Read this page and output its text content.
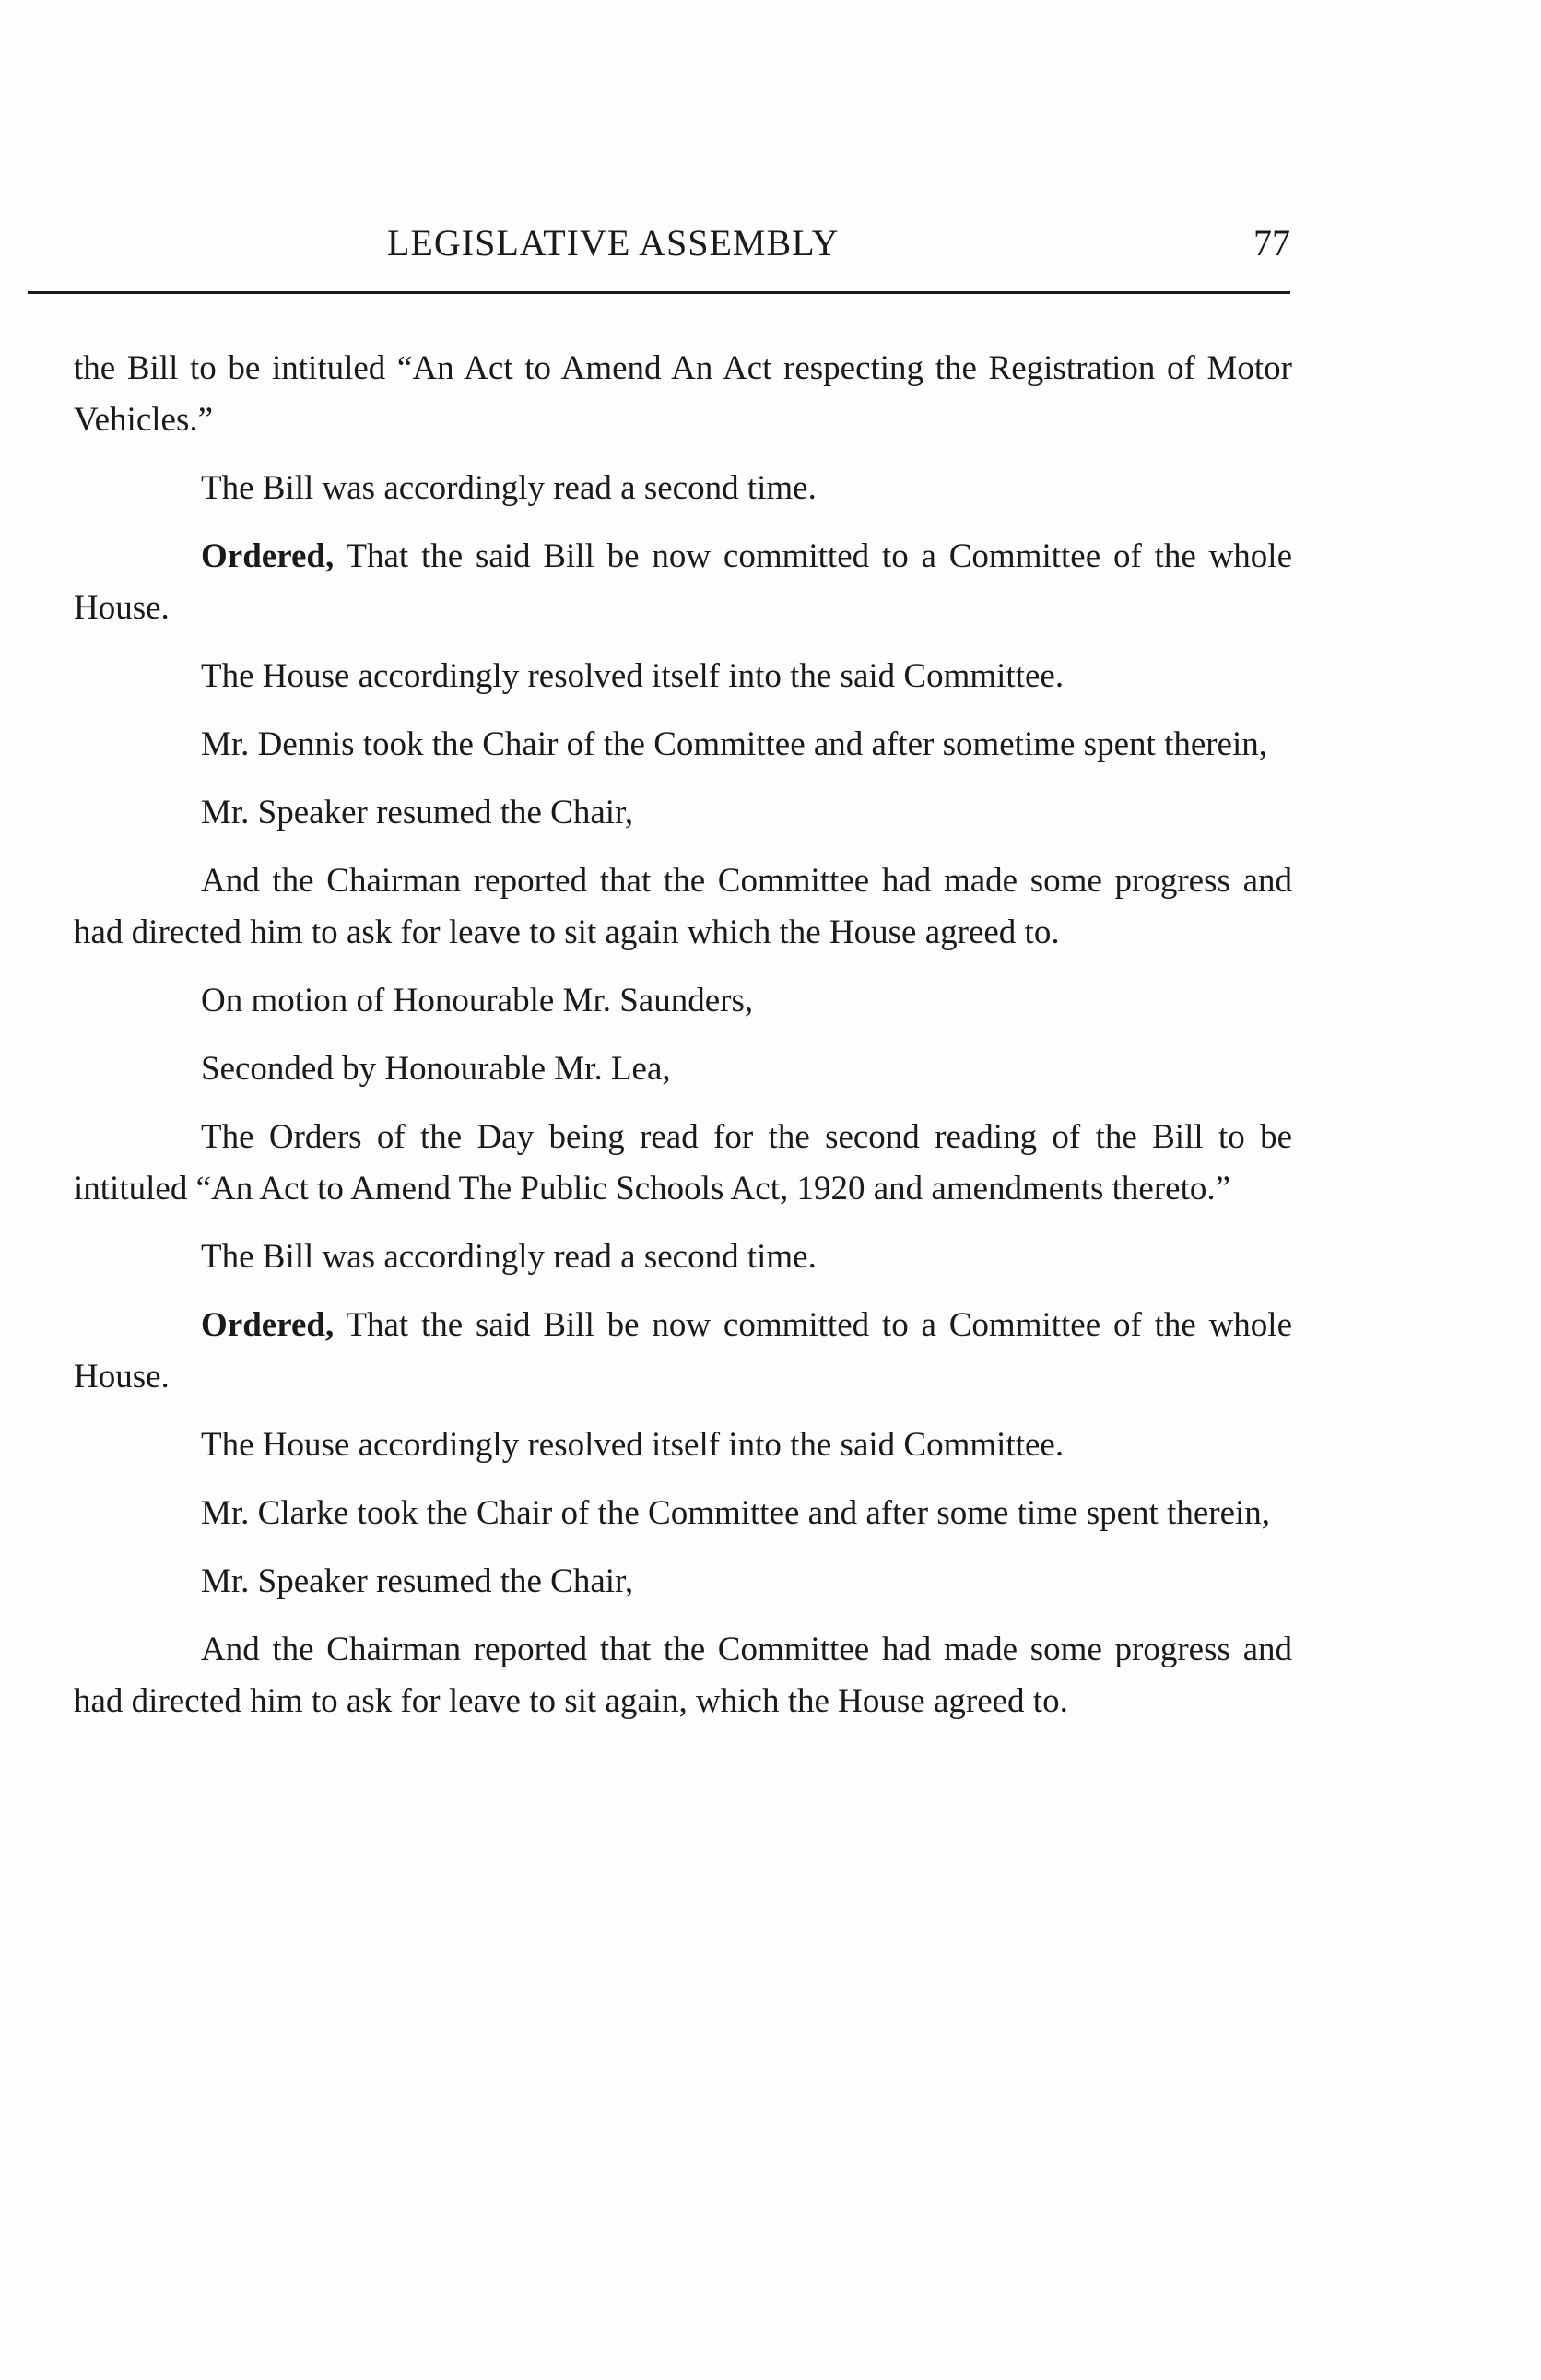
LEGISLATIVE ASSEMBLY	77

the Bill to be intituled “An Act to Amend An Act respecting the Registration of Motor Vehicles.”

The Bill was accordingly read a second time.

Ordered, That the said Bill be now committed to a Committee of the whole House.

The House accordingly resolved itself into the said Committee.

Mr. Dennis took the Chair of the Committee and after sometime spent therein,

Mr. Speaker resumed the Chair,

And the Chairman reported that the Committee had made some progress and had directed him to ask for leave to sit again which the House agreed to.

On motion of Honourable Mr. Saunders,

Seconded by Honourable Mr. Lea,

The Orders of the Day being read for the second reading of the Bill to be intituled “An Act to Amend The Public Schools Act, 1920 and amendments thereto.”

The Bill was accordingly read a second time.

Ordered, That the said Bill be now committed to a Committee of the whole House.

The House accordingly resolved itself into the said Committee.

Mr. Clarke took the Chair of the Committee and after some time spent therein,

Mr. Speaker resumed the Chair,

And the Chairman reported that the Committee had made some progress and had directed him to ask for leave to sit again, which the House agreed to.
